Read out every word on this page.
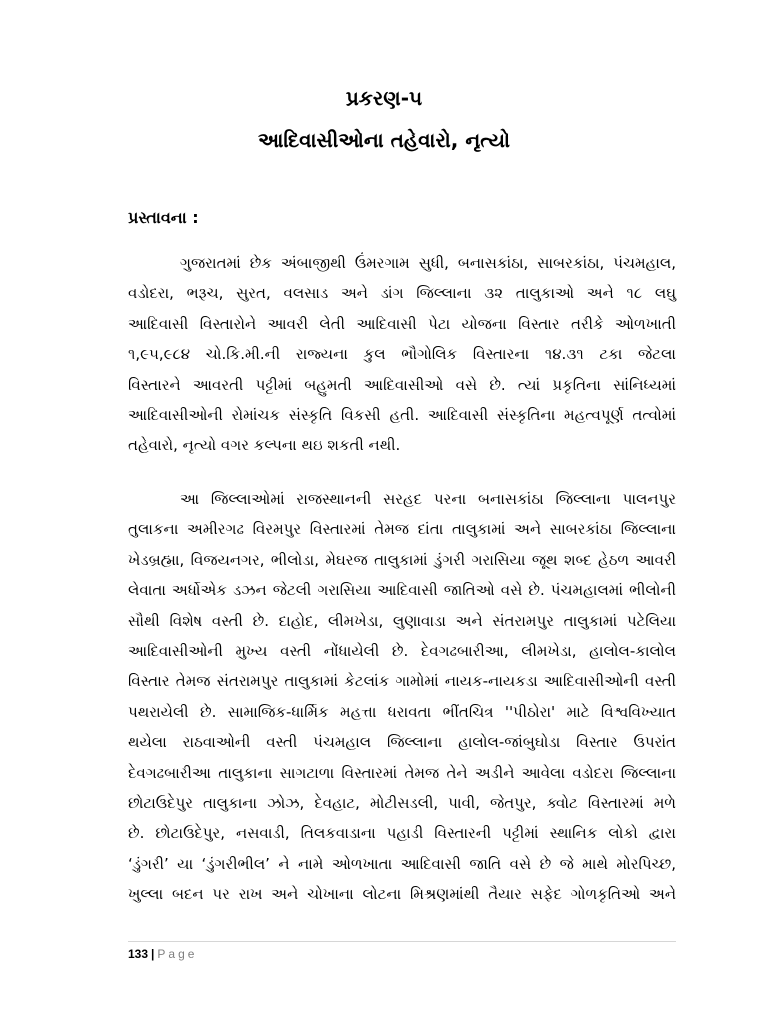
પ્રકરણ-૫
આદિવાસીઓના તહેવારો, નૃત્યો
પ્રસ્તાવના :
ગુજરાતમાં છેક અંબાજીથી ઉંમરગામ સુધી, બનાસકાંઠા, સાબરકાંઠા, પંચમહાલ,
વડોદરા, ભરૂચ, સુરત, વલસાડ અને ડાંગ જિલ્લાના ૩૨ તાલુકાઓ અને ૧૮ લઘુ
આદિવાસી વિસ્તારોને આવરી લેતી આદિવાસી પેટા યોજના વિસ્તાર તરીકે ઓળખાતી
૧,૯૫,૯૮૪ ચો.કિ.મી.ની રાજ્યના કુલ ભૌગોલિક વિસ્તારના ૧૪.૩૧ ટકા જેટલા
વિસ્તારને આવરતી પટ્ટીમાં બહુમતી આદિવાસીઓ વસે છે. ત્યાં પ્રકૃતિના સાંનિધ્યમાં
આદિવાસીઓની રોમાંચક સંસ્કૃતિ વિકસી હતી. આદિવાસી સંસ્કૃતિના મહત્વપૂર્ણ તત્વોમાં
તહેવારો, નૃત્યો વગર કલ્પના થઇ શકતી નથી.
આ જિલ્લાઓમાં રાજસ્થાનની સરહદ પરના બનાસકાંઠા જિલ્લાના પાલનપુર
તુલાકના અમીરગઢ વિરમપુર વિસ્તારમાં તેમજ દાંતા તાલુકામાં અને સાબરકાંઠા જિલ્લાના
ખેડબ્રહ્મા, વિજયનગર, ભીલોડા, મેઘરજ તાલુકામાં ડુંગરી ગરાસિયા જૂથ શબ્દ હેઠળ આવરી
લેવાતા અર્ધોએક ડઝન જેટલી ગરાસિયા આદિવાસી જાતિઓ વસે છે. પંચમહાલમાં ભીલોની
સૌથી વિશેષ વસ્તી છે. દાહોદ, લીમખેડા, લુણાવાડા અને સંતરામપુર તાલુકામાં પટેલિયા
આદિવાસીઓની મુખ્ય વસ્તી નોંધાયેલી છે. દેવગઢબારીઆ, લીમખેડા, હાલોલ-કાલોલ
વિસ્તાર તેમજ સંતરામપુર તાલુકામાં કેટલાંક ગામોમાં નાયક-નાયકડા આદિવાસીઓની વસ્તી
પથરાયેલી છે. સામાજિક-ધાર્મિક મહત્તા ધરાવતા ભીંતચિત્ર ''પીઠોરા' માટે વિશ્વવિખ્યાત
થયેલા રાઠવાઓની વસ્તી પંચમહાલ જિલ્લાના હાલોલ-જાંબુઘોડા વિસ્તાર ઉપરાંત
દેવગઢબારીઆ તાલુકાના સાગટાળા વિસ્તારમાં તેમજ તેને અડીને આવેલા વડોદરા જિલ્લાના
છોટાઉદેપુર તાલુકાના ઝોઝ, દેવહાટ, મોટીસડલી, પાવી, જેતપુર, ક્વોટ વિસ્તારમાં મળે
છે. છોટાઉદેપુર, નસવાડી, તિલકવાડાના પહાડી વિસ્તારની પટ્ટીમાં સ્થાનિક લોકો દ્વારા
‘ડુંગરી’ યા ‘ડુંગરીભીલ’ ને નામે ઓળખાતા આદિવાસી જાતિ વસે છે જે માથે મોરપિચ્છ,
ખુલ્લા બદન પર રાખ અને ચોખાના લોટના મિશ્રણમાંથી તૈયાર સફેદ ગોળકૃતિઓ અને
133 | Page
